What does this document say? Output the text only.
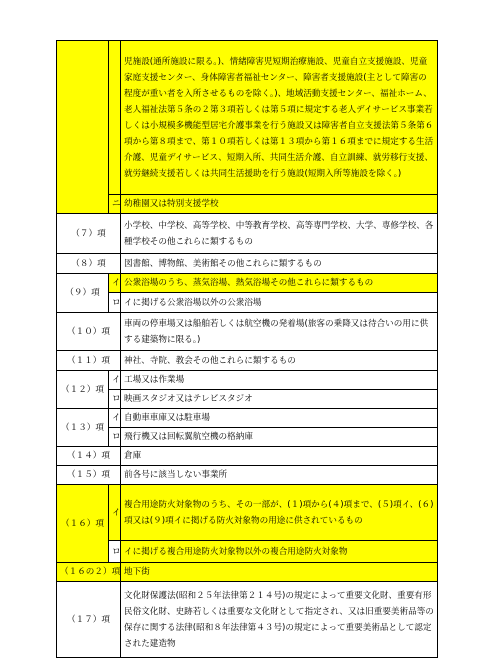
		児施設(通所施設に限る。)、情緒障害児短期治療施設、児童自立支援施設、児童家庭支援センター、身体障害者福祉センター、障害者支援施設(主として障害の程度が重い者を入所させるものを除く。)、地域活動支援センター、福祉ホーム、老人福祉法第５条の２第３項若しくは第５項に規定する老人デイサービス事業若しくは小規模多機能型居宅介護事業を行う施設又は障害者自立支援法第５条第６項から第８項まで、第１０項若しくは第１３項から第１６項までに規定する生活介護、児童デイサービス、短期入所、共同生活介護、自立訓練、就労移行支援、就労継続支援若しくは共同生活援助を行う施設(短期入所等施設を除く。)
	ニ	幼稚園又は特別支援学校
（７）項		小学校、中学校、高等学校、中等教育学校、高等専門学校、大学、専修学校、各種学校その他これらに類するもの
（８）項		図書館、博物館、美術館その他これらに類するもの
（９）項	イ	公衆浴場のうち、蒸気浴場、熱気浴場その他これらに類するもの
	ロ	イに掲げる公衆浴場以外の公衆浴場
（１０）項		車両の停車場又は船舶若しくは航空機の発着場(旅客の乗降又は待合いの用に供する建築物に限る。)
（１１）項		神社、寺院、教会その他これらに類するもの
（１２）項	イ	工場又は作業場
	ロ	映画スタジオ又はテレビスタジオ
（１３）項	イ	自動車車庫又は駐車場
	ロ	飛行機又は回転翼航空機の格納庫
（１４）項		倉庫
（１５）項		前各号に該当しない事業所
（１６）項	イ	複合用途防火対象物のうち、その一部が、(１)項から(４)項まで、(５)項イ、(６)項又は(９)項イに掲げる防火対象物の用途に供されているもの
	ロ	イに掲げる複合用途防火対象物以外の複合用途防火対象物
（１６の２）項		地下街
（１７）項		文化財保護法(昭和２５年法律第２１４号)の規定によって重要文化財、重要有形民俗文化財、史跡若しくは重要な文化財として指定され、又は旧重要美術品等の保存に関する法律(昭和８年法律第４３号)の規定によって重要美術品として認定された建造物
